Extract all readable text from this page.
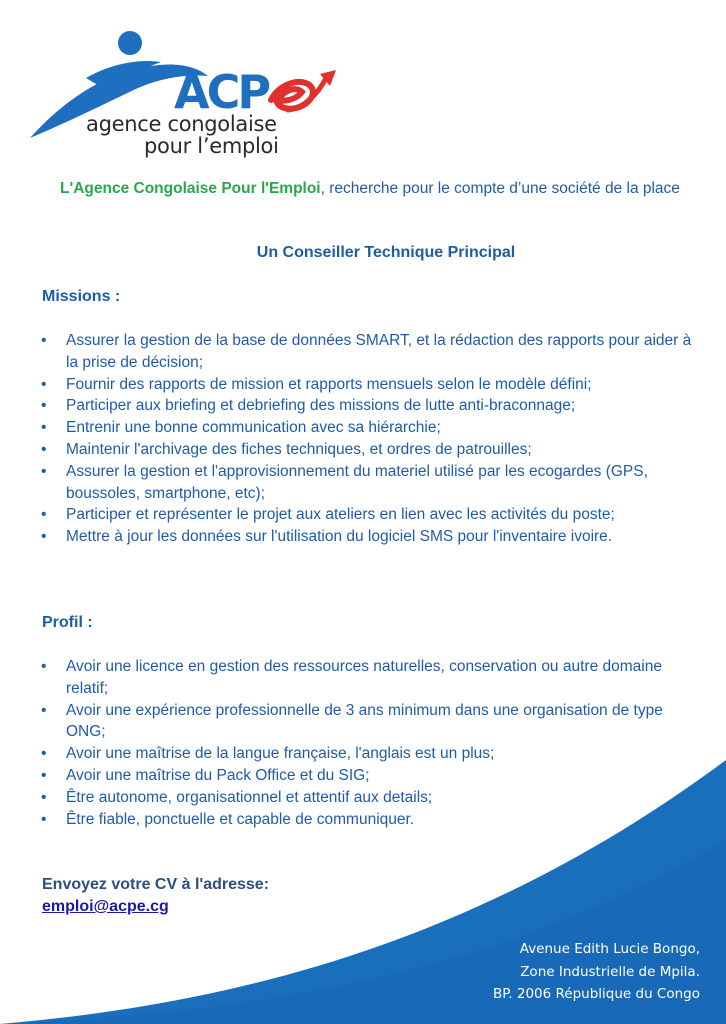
ACP
agence congolaise
pour l’emploi
L'Agence Congolaise Pour l'Emploi, recherche pour le compte d’une société de la place
Un Conseiller Technique Principal
Missions :
• Assurer la gestion de la base de données SMART, et la rédaction des rapports pour aider à la prise de décision;
• Fournir des rapports de mission et rapports mensuels selon le modèle défini;
• Participer aux briefing et debriefing des missions de lutte anti-braconnage;
• Entrenir une bonne communication avec sa hiérarchie;
• Maintenir l'archivage des fiches techniques, et ordres de patrouilles;
• Assurer la gestion et l'approvisionnement du materiel utilisé par les ecogardes (GPS, boussoles, smartphone, etc);
• Participer et représenter le projet aux ateliers en lien avec les activités du poste;
• Mettre à jour les données sur l'utilisation du logiciel SMS pour l'inventaire ivoire.
Profil :
• Avoir une licence en gestion des ressources naturelles, conservation ou autre domaine relatif;
• Avoir une expérience professionnelle de 3 ans minimum dans une organisation de type ONG;
• Avoir une maîtrise de la langue française, l'anglais est un plus;
• Avoir une maîtrise du Pack Office et du SIG;
• Être autonome, organisationnel et attentif aux details;
• Être fiable, ponctuelle et capable de communiquer.
Envoyez votre CV à l'adresse:
emploi@acpe.cg
Avenue Edith Lucie Bongo,
Zone Industrielle de Mpila.
BP. 2006 République du Congo
